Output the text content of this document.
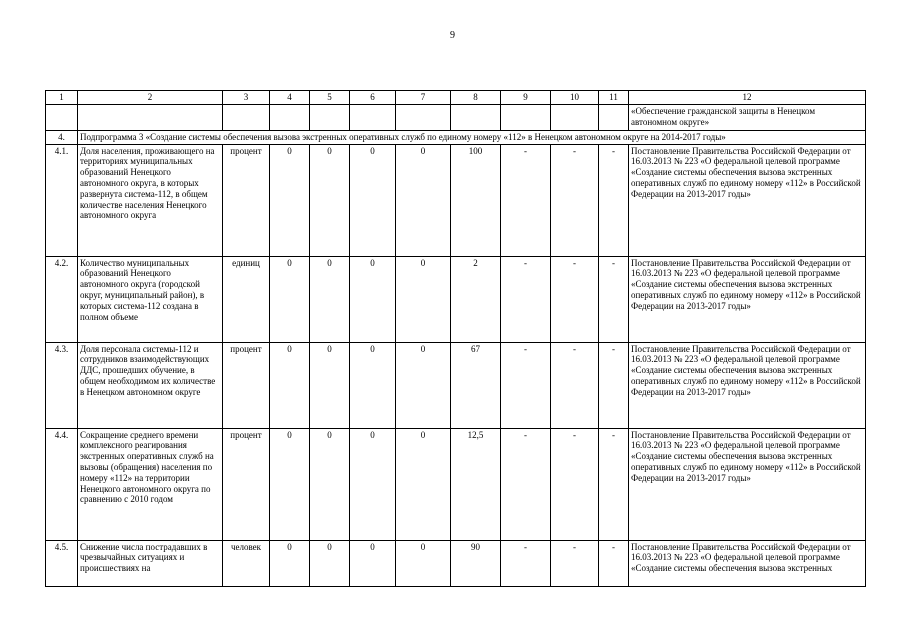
9
1	2	3	4	5	6	7	8	9	10	11	12
											«Обеспечение гражданской защиты в Ненецком автономном округе»
4.	Подпрограмма 3 «Создание системы обеспечения вызова экстренных оперативных служб по единому номеру «112» в Ненецком автономном округе на 2014-2017 годы»										
4.1.	Доля населения, проживающего на территориях муниципальных образований Ненецкого автономного округа, в которых развернута система-112, в общем количестве населения Ненецкого автономного округа	процент	0	0	0	0	100	-	-	-	Постановление Правительства Российской Федерации от 16.03.2013 № 223 «О федеральной целевой программе «Создание системы обеспечения вызова экстренных оперативных служб по единому номеру «112» в Российской Федерации на 2013-2017 годы»
4.2.	Количество муниципальных образований Ненецкого автономного округа (городской округ, муниципальный район), в которых система-112 создана в полном объеме	единиц	0	0	0	0	2	-	-	-	Постановление Правительства Российской Федерации от 16.03.2013 № 223 «О федеральной целевой программе «Создание системы обеспечения вызова экстренных оперативных служб по единому номеру «112» в Российской Федерации на 2013-2017 годы»
4.3.	Доля персонала системы-112 и сотрудников взаимодействующих ДДС, прошедших обучение, в общем необходимом их количестве в Ненецком автономном округе	процент	0	0	0	0	67	-	-	-	Постановление Правительства Российской Федерации от 16.03.2013 № 223 «О федеральной целевой программе «Создание системы обеспечения вызова экстренных оперативных служб по единому номеру «112» в Российской Федерации на 2013-2017 годы»
4.4.	Сокращение среднего времени комплексного реагирования экстренных оперативных служб на вызовы (обращения) населения по номеру «112» на территории Ненецкого автономного округа по сравнению с 2010 годом	процент	0	0	0	0	12,5	-	-	-	Постановление Правительства Российской Федерации от 16.03.2013 № 223 «О федеральной целевой программе «Создание системы обеспечения вызова экстренных оперативных служб по единому номеру «112» в Российской Федерации на 2013-2017 годы»
4.5.	Снижение числа пострадавших в чрезвычайных ситуациях и происшествиях на	человек	0	0	0	0	90	-	-	-	Постановление Правительства Российской Федерации от 16.03.2013 № 223 «О федеральной целевой программе «Создание системы обеспечения вызова экстренных
